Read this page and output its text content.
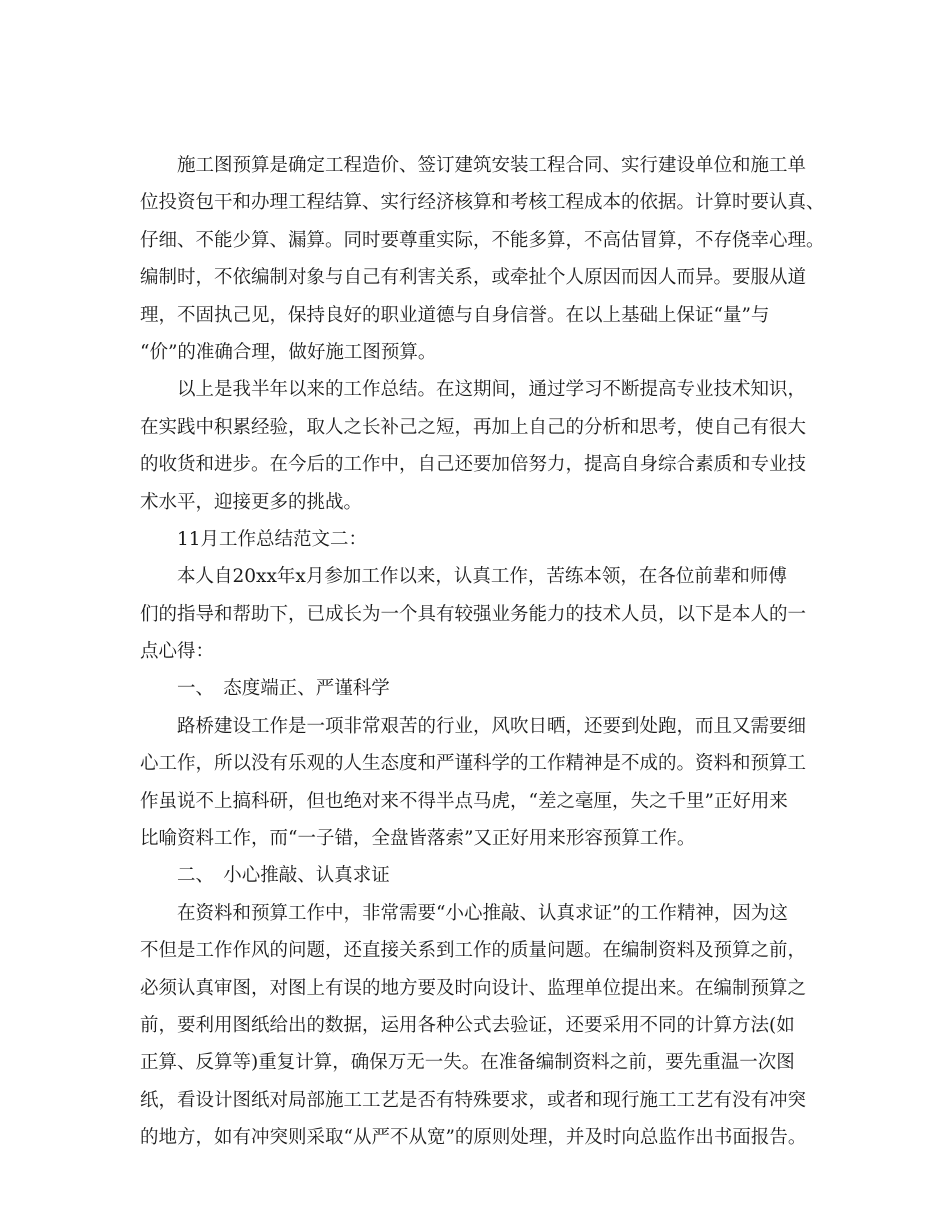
施工图预算是确定工程造价、签订建筑安装工程合同、实行建设单位和施工单
位投资包干和办理工程结算、实行经济核算和考核工程成本的依据。计算时要认真、
仔细、不能少算、漏算。同时要尊重实际，不能多算，不高估冒算，不存侥幸心理。
编制时，不依编制对象与自己有利害关系，或牵扯个人原因而因人而异。要服从道
理，不固执己见，保持良好的职业道德与自身信誉。在以上基础上保证“量”与
“价”的准确合理，做好施工图预算。
以上是我半年以来的工作总结。在这期间，通过学习不断提高专业技术知识，
在实践中积累经验，取人之长补己之短，再加上自己的分析和思考，使自己有很大
的收货和进步。在今后的工作中，自己还要加倍努力，提高自身综合素质和专业技
术水平，迎接更多的挑战。
11月工作总结范文二：
本人自20xx年x月参加工作以来，认真工作，苦练本领，在各位前辈和师傅
们的指导和帮助下，已成长为一个具有较强业务能力的技术人员，以下是本人的一
点心得：
一、　态度端正、严谨科学
路桥建设工作是一项非常艰苦的行业，风吹日晒，还要到处跑，而且又需要细
心工作，所以没有乐观的人生态度和严谨科学的工作精神是不成的。资料和预算工
作虽说不上搞科研，但也绝对来不得半点马虎，“差之毫厘，失之千里”正好用来
比喻资料工作，而“一子错，全盘皆落索”又正好用来形容预算工作。
二、　小心推敲、认真求证
在资料和预算工作中，非常需要“小心推敲、认真求证”的工作精神，因为这
不但是工作作风的问题，还直接关系到工作的质量问题。在编制资料及预算之前，
必须认真审图，对图上有误的地方要及时向设计、监理单位提出来。在编制预算之
前，要利用图纸给出的数据，运用各种公式去验证，还要采用不同的计算方法(如
正算、反算等)重复计算，确保万无一失。在准备编制资料之前，要先重温一次图
纸，看设计图纸对局部施工工艺是否有特殊要求，或者和现行施工工艺有没有冲突
的地方，如有冲突则采取“从严不从宽”的原则处理，并及时向总监作出书面报告。
